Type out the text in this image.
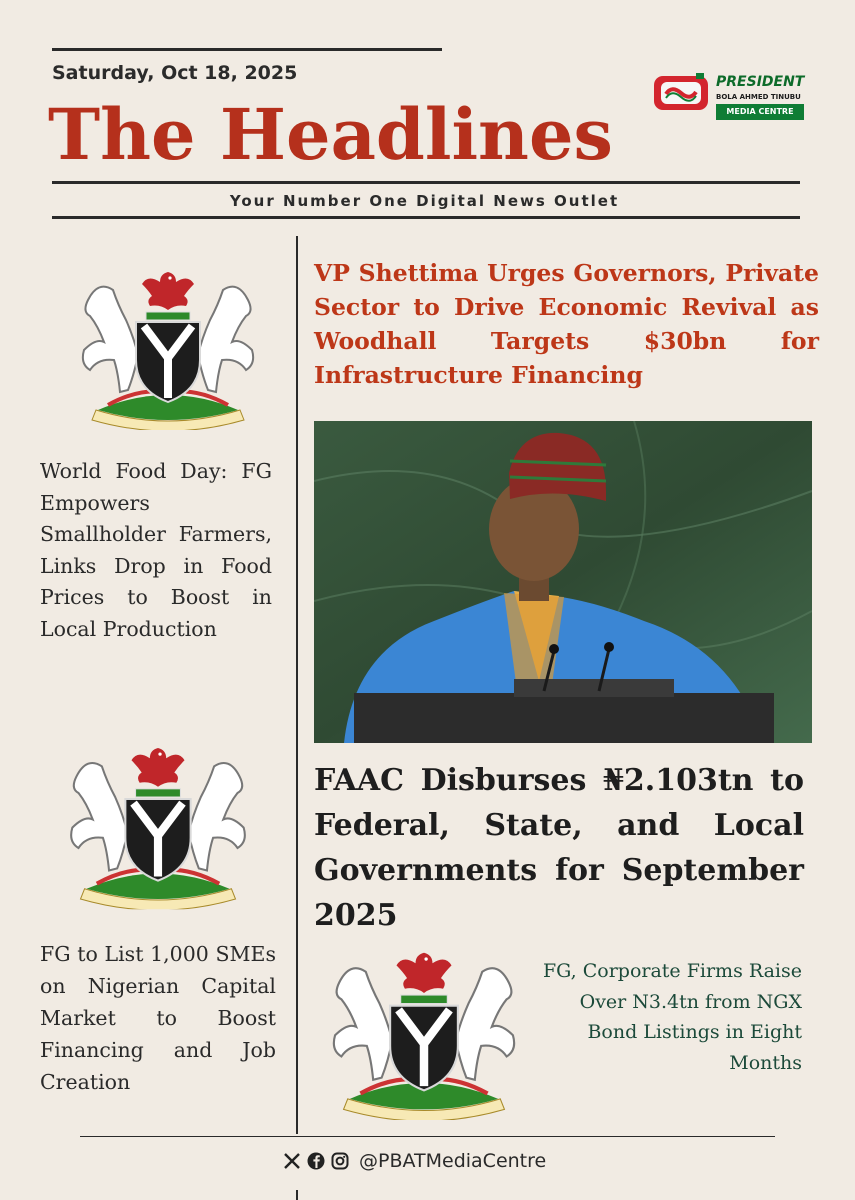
Saturday, Oct 18, 2025	PRESIDENT
BOLA AHMED TINUBU
MEDIA CENTRE
The Headlines
Your Number One Digital News Outlet
World Food Day: FG Empowers Smallholder Farmers, Links Drop in Food Prices to Boost in Local Production
FG to List 1,000 SMEs on Nigerian Capital Market to Boost Financing and Job Creation
VP Shettima Urges Governors, Private Sector to Drive Economic Revival as Woodhall Targets $30bn for Infrastructure Financing
FAAC Disburses ₦2.103tn to Federal, State, and Local Governments for September 2025
FG, Corporate Firms Raise Over N3.4tn from NGX Bond Listings in Eight Months
@PBATMediaCentre
